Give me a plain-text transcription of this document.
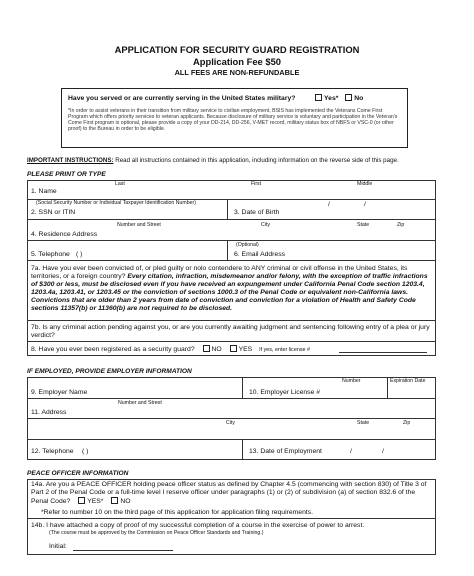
APPLICATION FOR SECURITY GUARD REGISTRATION
Application Fee $50
ALL FEES ARE NON-REFUNDABLE
Have you served or are currently serving in the United States military?	Yes* No
*In order to assist veterans in their transition from military service to civilian employment, BSIS has implemented the Veterans Come First Program which offers priority services to veteran applicants. Because disclosure of military service is voluntary and participation in the Veteran's Come First program is optional, please provide a copy of your DD-214, DD-256, V-MET record, military status box of NBFS or VSC-0 (or other proof) to the Bureau in order to be eligible.
IMPORTANT INSTRUCTIONS: Read all instructions contained in this application, including information on the reverse side of this page.
PLEASE PRINT OR TYPE
Last	First	Middle
1. Name
(Social Security Number or Individual Taxpayer Identification Number)
2. SSN or ITIN	3. Date of Birth
/	/
Number and Street	City	State	Zip
4. Residence Address
(Optional)
5. Telephone ( )	6. Email Address
7a. Have you ever been convicted of, or pled guilty or nolo contendere to ANY criminal or civil offense in the United States, its territories, or a foreign country? Every citation, infraction, misdemeanor and/or felony, with the exception of traffic infractions of $300 or less, must be disclosed even if you have received an expungement under California Penal Code section 1203.4, 1203.4a, 1203.41, or 1203.45 or the conviction of sections 1000.3 of the Penal Code or equivalent non-California laws. Convictions that are older than 2 years from date of conviction and conviction for a violation of Health and Safety Code sections 11357(b) or 11360(b) are not required to be disclosed.
7b. Is any criminal action pending against you, or are you currently awaiting judgment and sentencing following entry of a plea or jury verdict?
8. Have you ever been registered as a security guard? NO YES If yes, enter license #
IF EMPLOYED, PROVIDE EMPLOYER INFORMATION
Number	Expiration Date
9. Employer Name	10. Employer License #
Number and Street
11. Address
City	State	Zip
12. Telephone ( )	13. Date of Employment	/	/
PEACE OFFICER INFORMATION
14a. Are you a PEACE OFFICER holding peace officer status as defined by Chapter 4.5 (commencing with section 830) of Title 3 of Part 2 of the Penal Code or a full-time level I reserve officer under paragraphs (1) or (2) of subdivision (a) of section 832.6 of the Penal Code? YES* NO
*Refer to number 10 on the third page of this application for application filing requirements.
14b. I have attached a copy of proof of my successful completion of a course in the exercise of power to arrest.
(The course must be approved by the Commission on Peace Officer Standards and Training.)
Initial:
